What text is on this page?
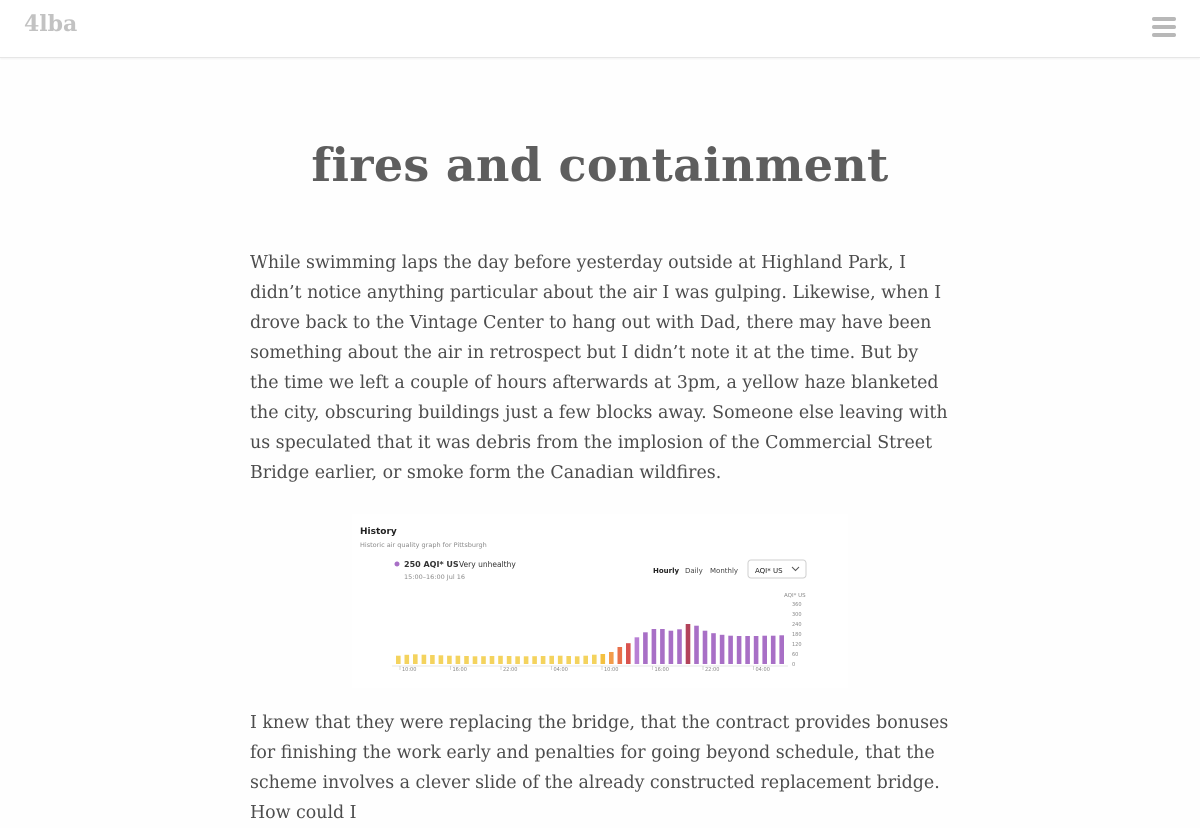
4lba
fires and containment

While swimming laps the day before yesterday outside at Highland Park, I didn’t notice anything particular about the air I was gulping. Likewise, when I drove back to the Vintage Center to hang out with Dad, there may have been something about the air in retrospect but I didn’t note it at the time. But by the time we left a couple of hours afterwards at 3pm, a yellow haze blanketed the city, obscuring buildings just a few blocks away. Someone else leaving with us speculated that it was debris from the implosion of the Commercial Street Bridge earlier, or smoke form the Canadian wildfires.

History
Historic air quality graph for Pittsburgh
250 AQI* US Very unhealthy
15:00–16:00 Jul 16
Hourly Daily Monthly AQI* US
AQI* US
360
300
240
180
120
60
0
10:00	16:00	22:00	04:00	10:00	16:00	22:00	04:00

I knew that they were replacing the bridge, that the contract provides bonuses for finishing the work early and penalties for going beyond schedule, that the scheme involves a clever slide of the already constructed replacement bridge. How could I
